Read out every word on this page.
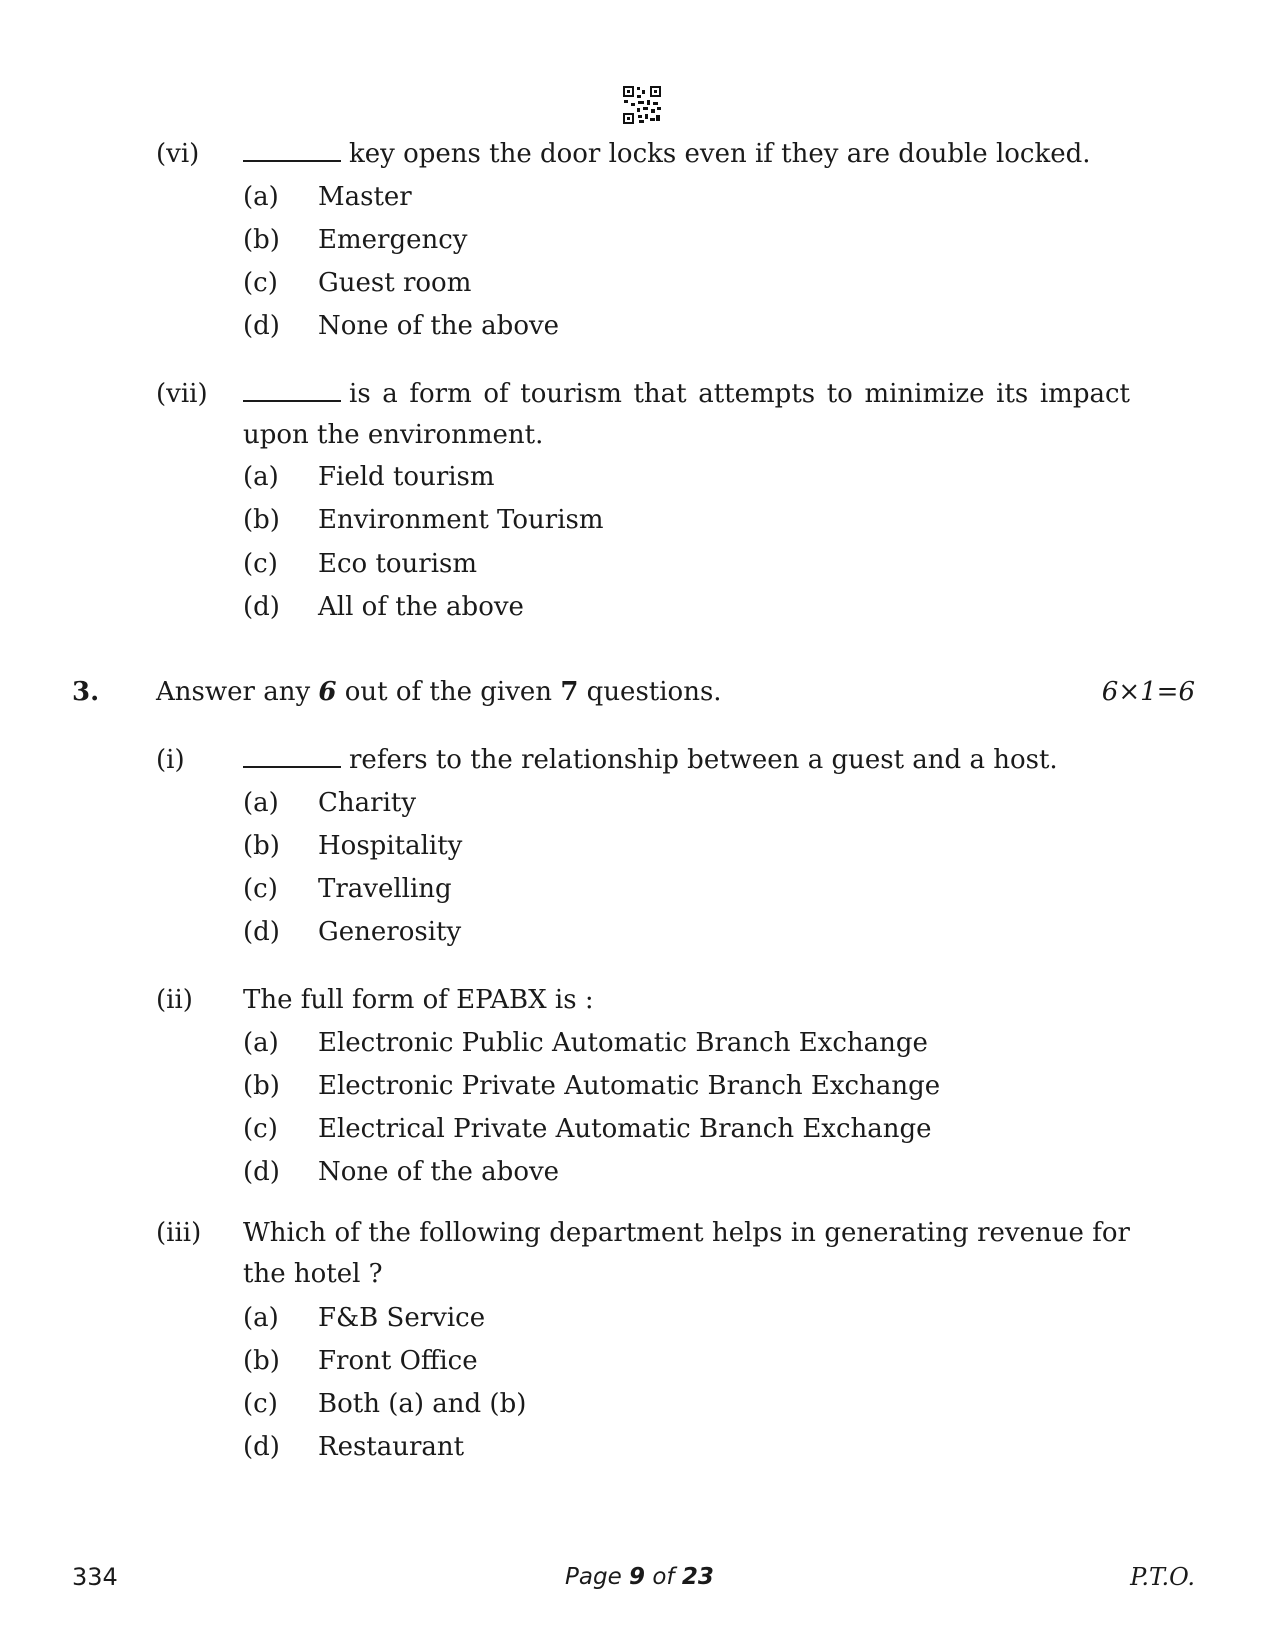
(vi)	key opens the door locks even if they are double locked.
(a) Master
(b) Emergency
(c) Guest room
(d) None of the above
(vii)	is a form of tourism that attempts to minimize its impact
upon the environment.
(a) Field tourism
(b) Environment Tourism
(c) Eco tourism
(d) All of the above
3. Answer any 6 out of the given 7 questions.	6×1=6
(i)	refers to the relationship between a guest and a host.
(a) Charity
(b) Hospitality
(c) Travelling
(d) Generosity
(ii) The full form of EPABX is :
(a) Electronic Public Automatic Branch Exchange
(b) Electronic Private Automatic Branch Exchange
(c) Electrical Private Automatic Branch Exchange
(d) None of the above
(iii) Which of the following department helps in generating revenue for
the hotel ?
(a) F&B Service
(b) Front Office
(c) Both (a) and (b)
(d) Restaurant
334	Page 9 of 23	P.T.O.
